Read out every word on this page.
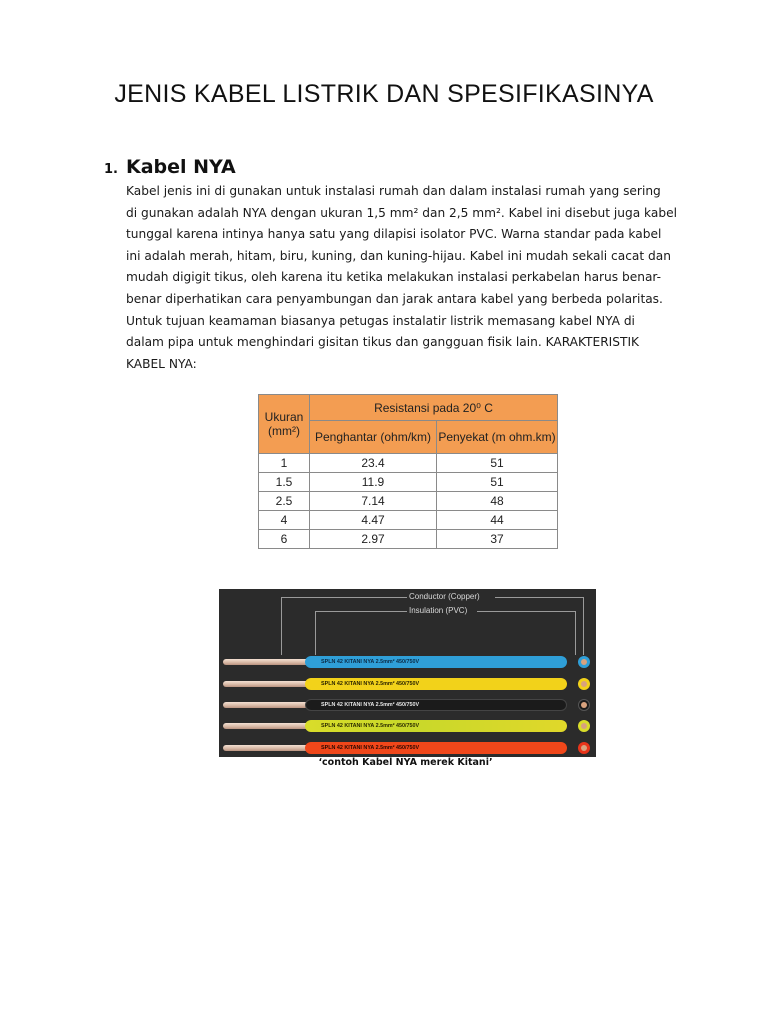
JENIS KABEL LISTRIK DAN SPESIFIKASINYA
1. Kabel NYA
Kabel jenis ini di gunakan untuk instalasi rumah dan dalam instalasi rumah yang sering
di gunakan adalah NYA dengan ukuran 1,5 mm² dan 2,5 mm². Kabel ini disebut juga kabel
tunggal karena intinya hanya satu yang dilapisi isolator PVC. Warna standar pada kabel
ini adalah merah, hitam, biru, kuning, dan kuning-hijau. Kabel ini mudah sekali cacat dan
mudah digigit tikus, oleh karena itu ketika melakukan instalasi perkabelan harus benar-
benar diperhatikan cara penyambungan dan jarak antara kabel yang berbeda polaritas.
Untuk tujuan keamaman biasanya petugas instalatir listrik memasang kabel NYA di
dalam pipa untuk menghindari gisitan tikus dan gangguan fisik lain. KARAKTERISTIK
KABEL NYA:
Ukuran (mm²)	Resistansi pada 20⁰ C	
	Penghantar (ohm/km)	Penyekat (m ohm.km)
1	23.4	51
1.5	11.9	51
2.5	7.14	48
4	4.47	44
6	2.97	37
Conductor (Copper)
Insulation (PVC)
SPLN 42 KITANI NYA 2.5mm² 450/750V
SPLN 42 KITANI NYA 2.5mm² 450/750V
SPLN 42 KITANI NYA 2.5mm² 450/750V
SPLN 42 KITANI NYA 2.5mm² 450/750V
SPLN 42 KITANI NYA 2.5mm² 450/750V
‘contoh Kabel NYA merek Kitani’
